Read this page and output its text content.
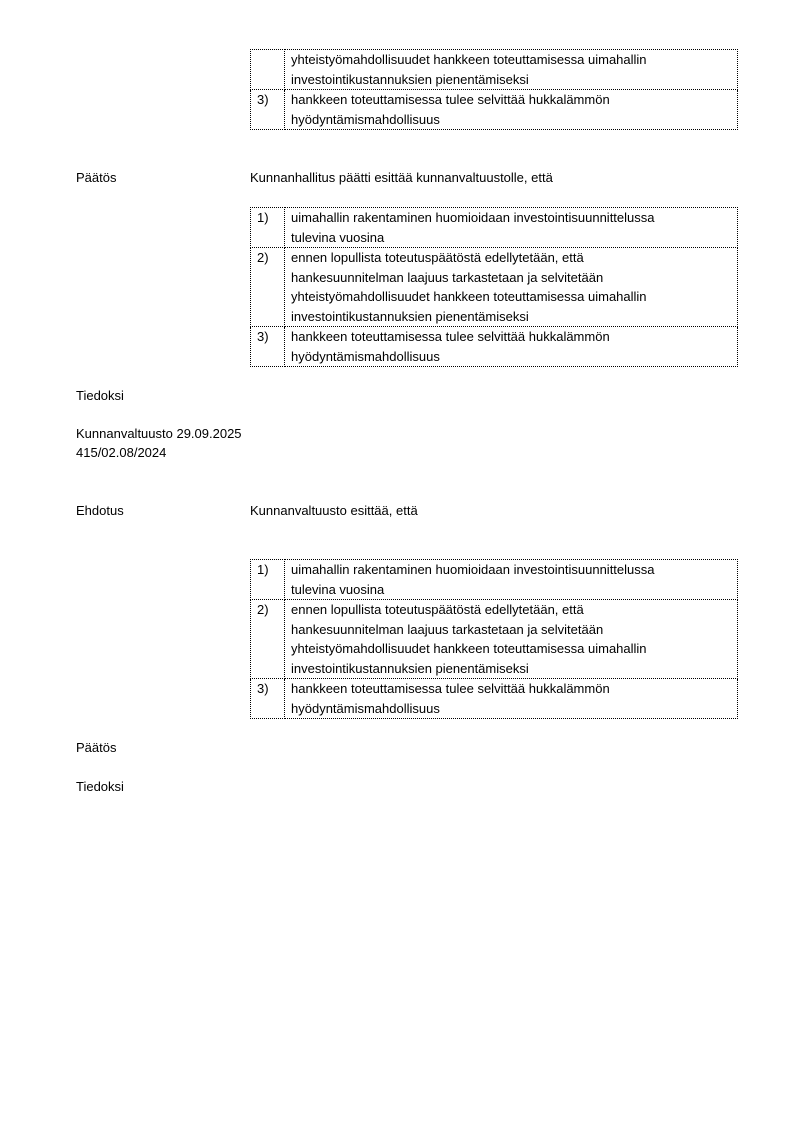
	yhteistyömahdollisuudet hankkeen toteuttamisessa uimahallin
investointikustannuksien pienentämiseksi

3)	hankkeen toteuttamisessa tulee selvittää hukkalämmön
hyödyntämismahdollisuus
Päätös	Kunnanhallitus päätti esittää kunnanvaltuustolle, että
1)	uimahallin rakentaminen huomioidaan investointisuunnittelussa
tulevina vuosina

2)	ennen lopullista toteutuspäätöstä edellytetään, että
hankesuunnitelman laajuus tarkastetaan ja selvitetään
yhteistyömahdollisuudet hankkeen toteuttamisessa uimahallin
investointikustannuksien pienentämiseksi

3)	hankkeen toteuttamisessa tulee selvittää hukkalämmön
hyödyntämismahdollisuus
Tiedoksi
Kunnanvaltuusto 29.09.2025
415/02.08/2024
Ehdotus	Kunnanvaltuusto esittää, että
1)	uimahallin rakentaminen huomioidaan investointisuunnittelussa
tulevina vuosina

2)	ennen lopullista toteutuspäätöstä edellytetään, että
hankesuunnitelman laajuus tarkastetaan ja selvitetään
yhteistyömahdollisuudet hankkeen toteuttamisessa uimahallin
investointikustannuksien pienentämiseksi

3)	hankkeen toteuttamisessa tulee selvittää hukkalämmön
hyödyntämismahdollisuus
Päätös
Tiedoksi
